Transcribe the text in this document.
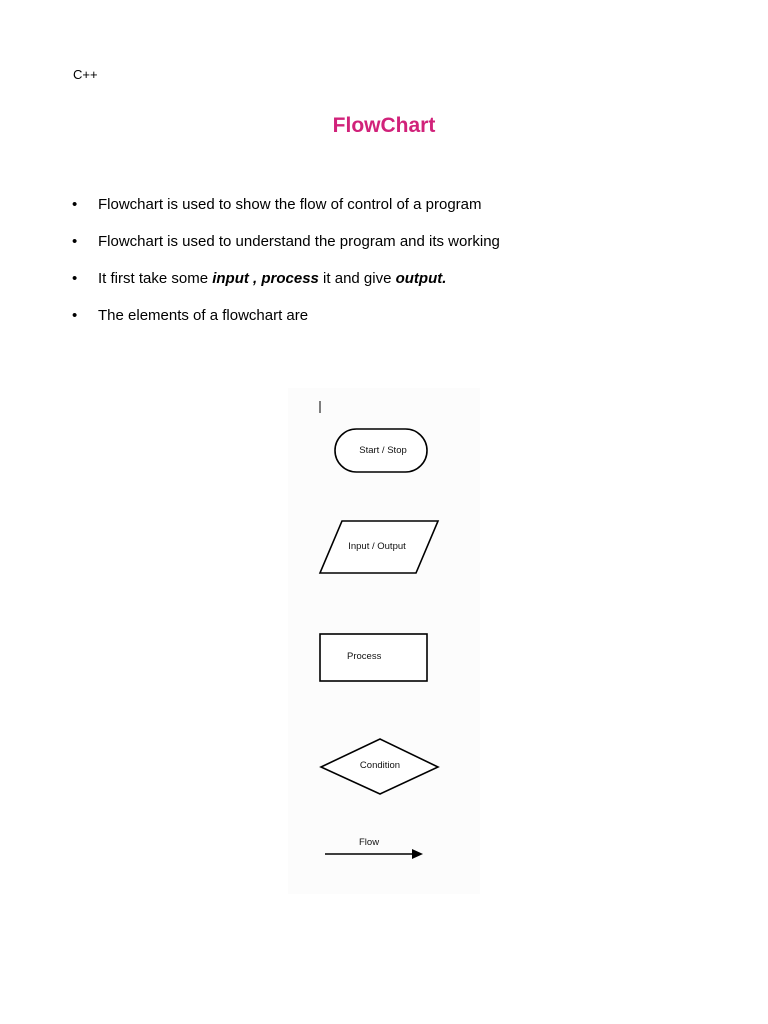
C++
FlowChart
• Flowchart is used to show the flow of control of a program
• Flowchart is used to understand the program and its working
• It first take some input , process it and give output.
• The elements of a flowchart are
Start / Stop
Input / Output
Process
Condition
Flow
